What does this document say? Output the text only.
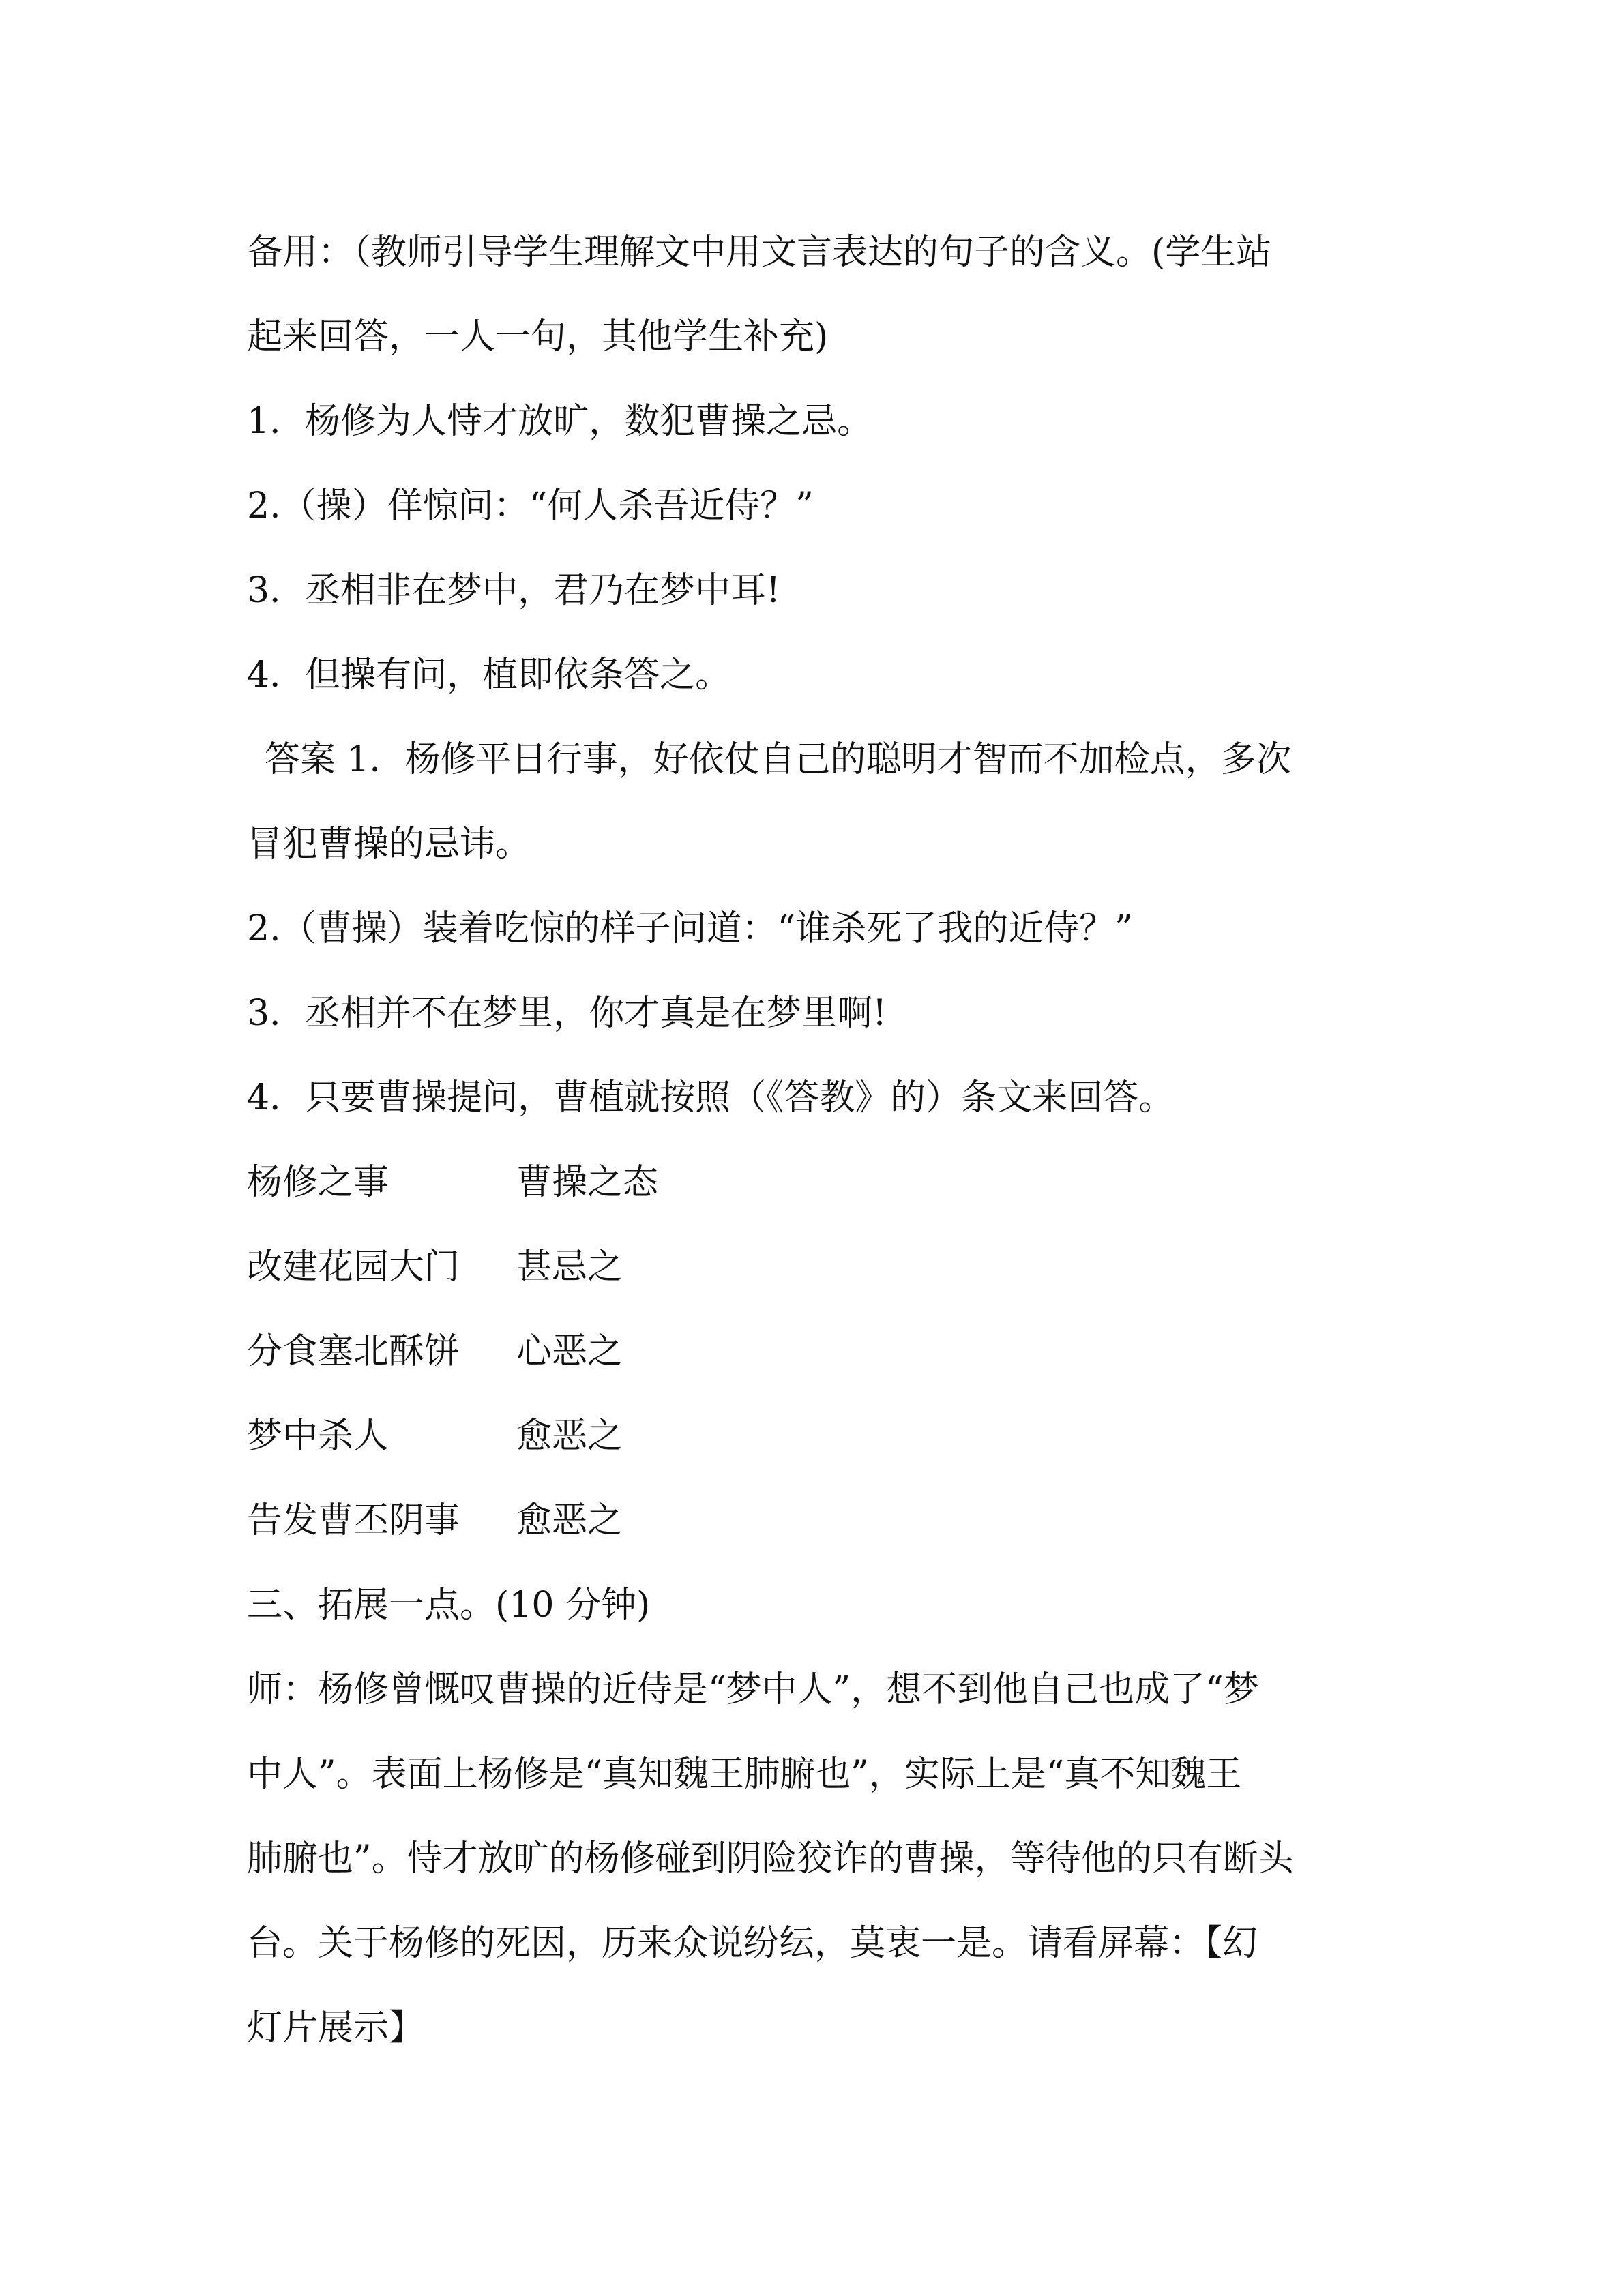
备用：（教师引导学生理解文中用文言表达的句子的含义。(学生站
起来回答，一人一句，其他学生补充)
1．杨修为人恃才放旷，数犯曹操之忌。
2.（操）佯惊问：“何人杀吾近侍？”
3．丞相非在梦中，君乃在梦中耳!
4．但操有问，植即依条答之。
答案 1．杨修平日行事，好依仗自己的聪明才智而不加检点，多次
冒犯曹操的忌讳。
2.（曹操）装着吃惊的样子问道：“谁杀死了我的近侍？”
3．丞相并不在梦里，你才真是在梦里啊!
4．只要曹操提问，曹植就按照（《答教》的）条文来回答。
杨修之事	曹操之态
改建花园大门	甚忌之
分食塞北酥饼	心恶之
梦中杀人	愈恶之
告发曹丕阴事	愈恶之
三、拓展一点。(10 分钟)
师：杨修曾慨叹曹操的近侍是“梦中人”，想不到他自己也成了“梦
中人”。表面上杨修是“真知魏王肺腑也”，实际上是“真不知魏王
肺腑也”。恃才放旷的杨修碰到阴险狡诈的曹操，等待他的只有断头
台。关于杨修的死因，历来众说纷纭，莫衷一是。请看屏幕：【幻
灯片展示】
